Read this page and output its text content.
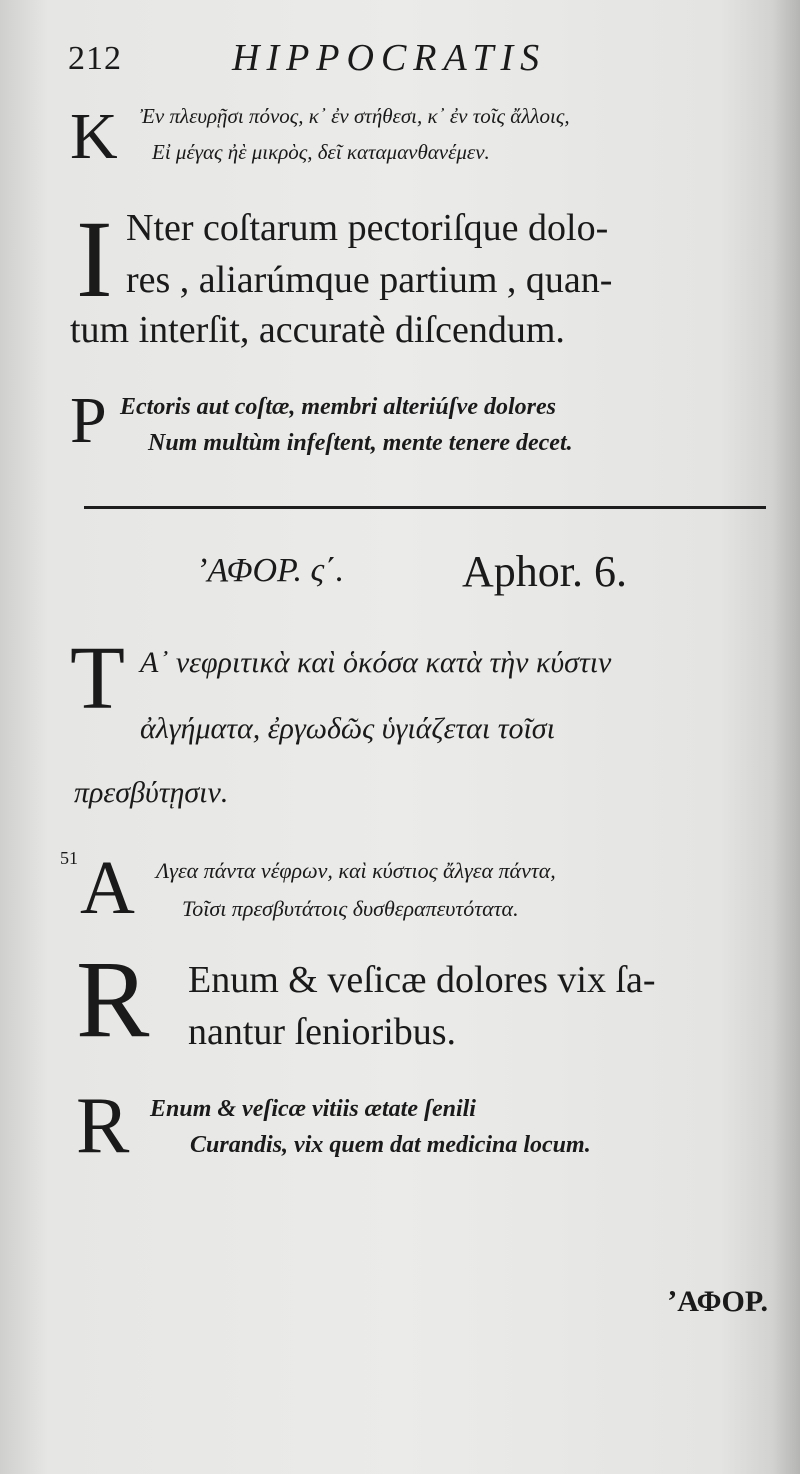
212	HIPPOCRATIS
K Ἐν πλευρῇσι πόνος, κ᾽ ἐν στήθεσι, κ᾽ ἐν τοῖς ἄλλοις,
Εἰ μέγας ἠὲ μικρὸς, δεῖ καταμανθανέμεν.
I Nter coſtarum pectoriſque dolo-
res , aliarúmque partium , quan-
tum interſit, accuratè diſcendum.
P Ectoris aut coſtæ, membri alteriúſve dolores
Num multùm infeſtent, mente tenere decet.
ʼΑΦΟΡ. ς΄.	Aphor. 6.
T Α᾽ νεφριτικὰ καὶ ὁκόσα κατὰ τὴν κύστιν
ἀλγήματα, ἐργωδῶς ὑγιάζεται τοῖσι
πρεσβύτῃσιν.
51 A Λγεα πάντα νέφρων, καὶ κύστιος ἄλγεα πάντα,
Τοῖσι πρεσβυτάτοις δυσθεραπευτότατα.
R Enum & veſicæ dolores vix ſa-
nantur ſenioribus.
R Enum & veſicæ vitiis ætate ſenili
Curandis, vix quem dat medicina locum.
ʼΑΦΟΡ.
